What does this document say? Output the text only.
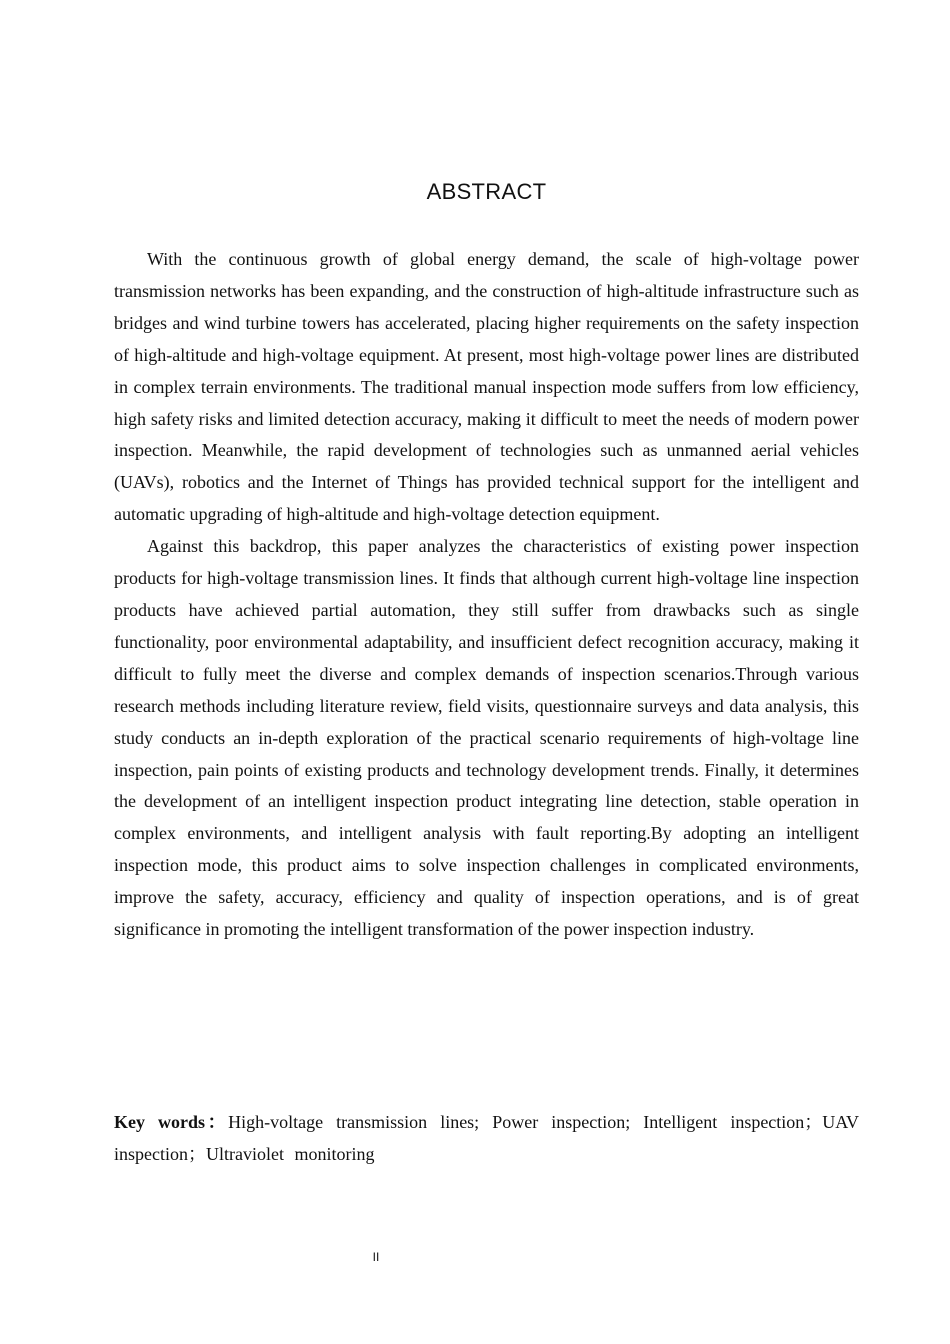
ABSTRACT

With the continuous growth of global energy demand, the scale of high-voltage power transmission networks has been expanding, and the construction of high-altitude infrastructure such as bridges and wind turbine towers has accelerated, placing higher requirements on the safety inspection of high-altitude and high-voltage equipment. At present, most high-voltage power lines are distributed in complex terrain environments. The traditional manual inspection mode suffers from low efficiency, high safety risks and limited detection accuracy, making it difficult to meet the needs of modern power inspection. Meanwhile, the rapid development of technologies such as unmanned aerial vehicles (UAVs), robotics and the Internet of Things has provided technical support for the intelligent and automatic upgrading of high-altitude and high-voltage detection equipment.

Against this backdrop, this paper analyzes the characteristics of existing power inspection products for high-voltage transmission lines. It finds that although current high-voltage line inspection products have achieved partial automation, they still suffer from drawbacks such as single functionality, poor environmental adaptability, and insufficient defect recognition accuracy, making it difficult to fully meet the diverse and complex demands of inspection scenarios.Through various research methods including literature review, field visits, questionnaire surveys and data analysis, this study conducts an in-depth exploration of the practical scenario requirements of high-voltage line inspection, pain points of existing products and technology development trends. Finally, it determines the development of an intelligent inspection product integrating line detection, stable operation in complex environments, and intelligent analysis with fault reporting.By adopting an intelligent inspection mode, this product aims to solve inspection challenges in complicated environments, improve the safety, accuracy, efficiency and quality of inspection operations, and is of great significance in promoting the intelligent transformation of the power inspection industry.

Key words：High-voltage transmission lines; Power inspection; Intelligent inspection；UAV inspection；Ultraviolet monitoring
II
